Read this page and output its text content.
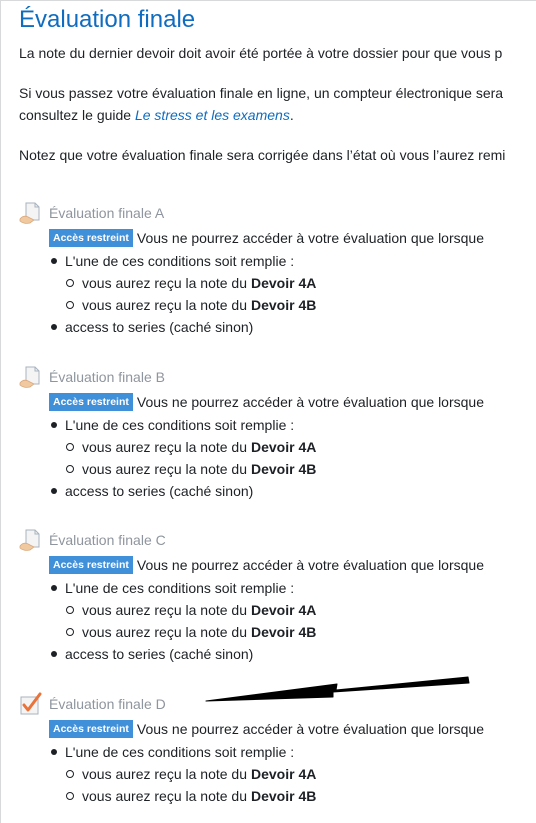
Évaluation finale
La note du dernier devoir doit avoir été portée à votre dossier pour que vous p
Si vous passez votre évaluation finale en ligne, un compteur électronique sera
consultez le guide Le stress et les examens.
Notez que votre évaluation finale sera corrigée dans l’état où vous l’aurez remi
Évaluation finale A
Accès restreint Vous ne pourrez accéder à votre évaluation que lorsque
L'une de ces conditions soit remplie :
vous aurez reçu la note du Devoir 4A
vous aurez reçu la note du Devoir 4B
access to series (caché sinon)
Évaluation finale B
Accès restreint Vous ne pourrez accéder à votre évaluation que lorsque
L'une de ces conditions soit remplie :
vous aurez reçu la note du Devoir 4A
vous aurez reçu la note du Devoir 4B
access to series (caché sinon)
Évaluation finale C
Accès restreint Vous ne pourrez accéder à votre évaluation que lorsque
L'une de ces conditions soit remplie :
vous aurez reçu la note du Devoir 4A
vous aurez reçu la note du Devoir 4B
access to series (caché sinon)
Évaluation finale D
Accès restreint Vous ne pourrez accéder à votre évaluation que lorsque
L'une de ces conditions soit remplie :
vous aurez reçu la note du Devoir 4A
vous aurez reçu la note du Devoir 4B
